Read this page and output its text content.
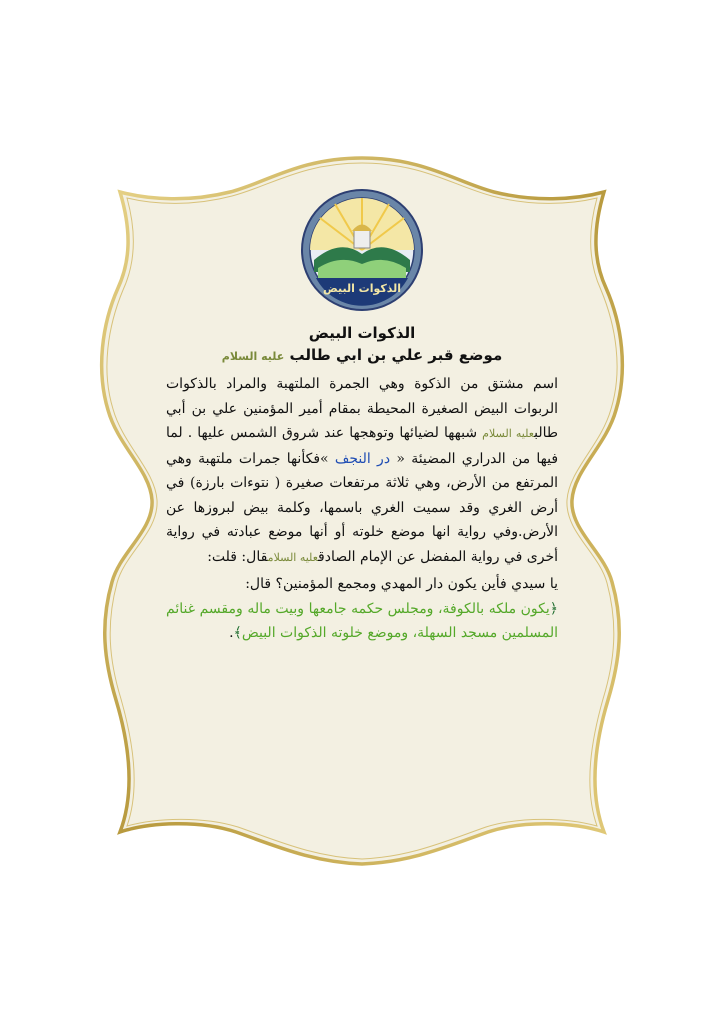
الذكوات البيض

الذكوات البيض

موضع قبر علي بن ابي طالب عليه السلام

اسم مشتق من الذكوة وهي الجمرة الملتهبة والمراد بالذكوات الربوات البيض الصغيرة المحيطة بمقام أمير المؤمنين علي بن أبي طالبعليه السلام شبهها لضيائها وتوهجها عند شروق الشمس عليها . لما فيها من الدراري المضيئة « در النجف »فكأنها جمرات ملتهبة وهي المرتفع من الأرض، وهي ثلاثة مرتفعات صغيرة ( نتوءات بارزة) في أرض الغري وقد سميت الغري باسمها، وكلمة بيض لبروزها عن الأرض.وفي رواية انها موضع خلوته أو أنها موضع عبادته في رواية أخرى في رواية المفضل عن الإمام الصادقعليه السلامقال: قلت:

يا سيدي فأين يكون دار المهدي ومجمع المؤمنين؟ قال:

﴿يكون ملكه بالكوفة، ومجلس حكمه جامعها وبيت ماله ومقسم غنائم المسلمين مسجد السهلة، وموضع خلوته الذكوات البيض﴾.
